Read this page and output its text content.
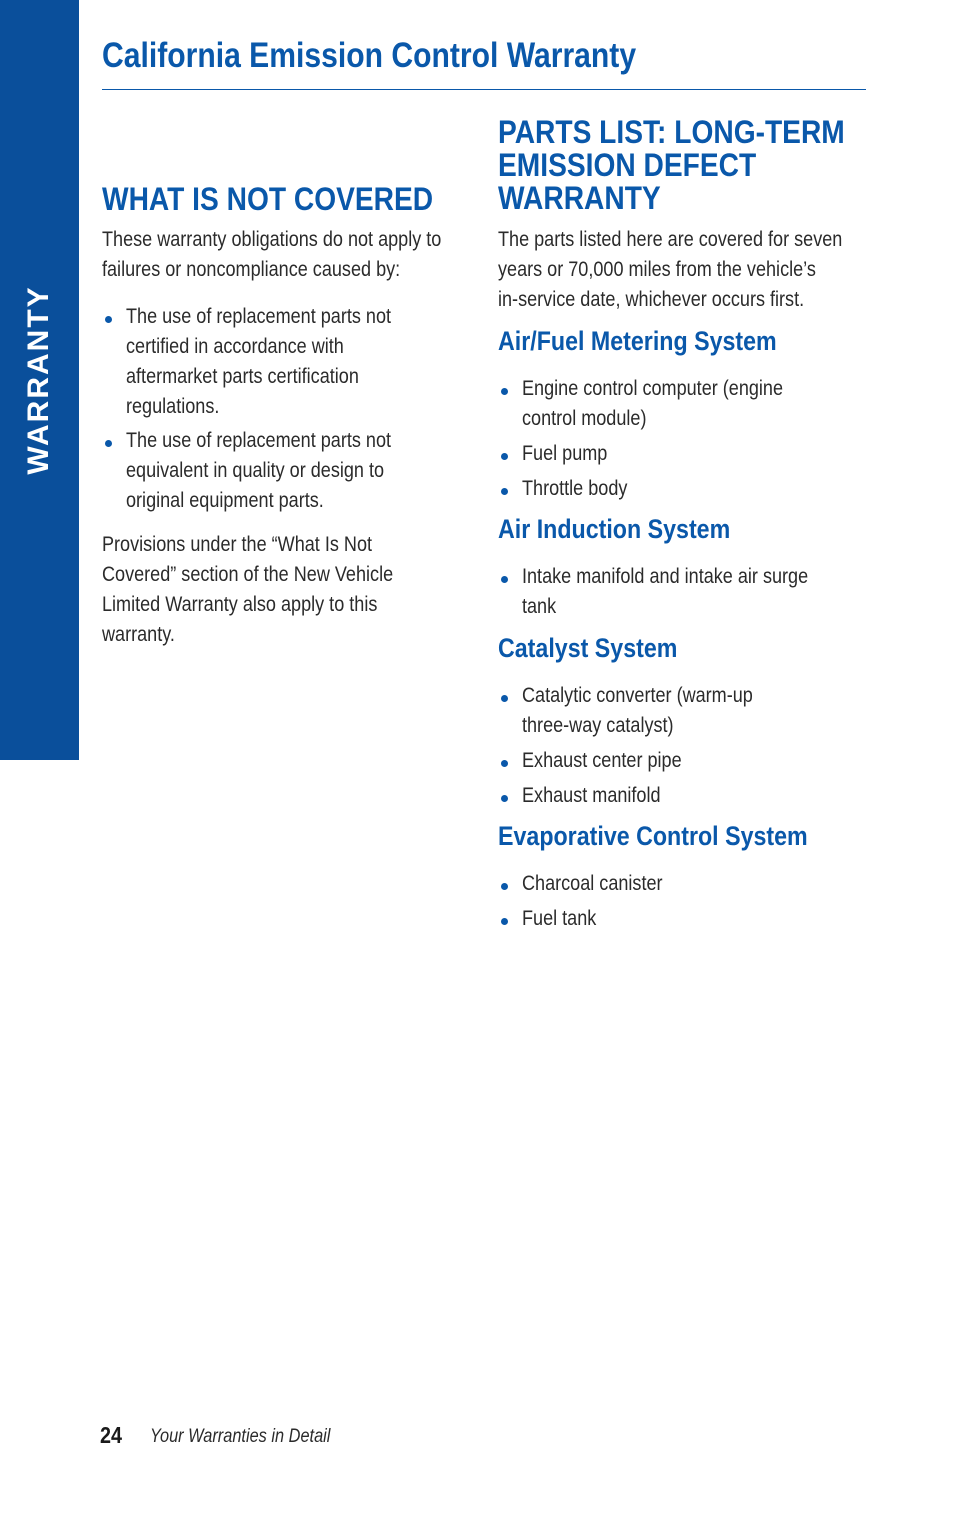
WARRANTY
California Emission Control Warranty
WHAT IS NOT COVERED

These warranty obligations do not apply to

failures or noncompliance caused by:

The use of replacement parts not
certified in accordance with
aftermarket parts certification
regulations.
The use of replacement parts not
equivalent in quality or design to
original equipment parts.

Provisions under the “What Is Not

Covered” section of the New Vehicle

Limited Warranty also apply to this

warranty.

PARTS LIST: LONG-TERM
EMISSION DEFECT
WARRANTY

The parts listed here are covered for seven

years or 70,000 miles from the vehicle’s

in-service date, whichever occurs first.

Air/Fuel Metering System
Engine control computer (engine
control module)
Fuel pump
Throttle body
Air Induction System
Intake manifold and intake air surge
tank
Catalyst System
Catalytic converter (warm-up
three-way catalyst)
Exhaust center pipe
Exhaust manifold
Evaporative Control System
Charcoal canister
Fuel tank
24 Your Warranties in Detail
